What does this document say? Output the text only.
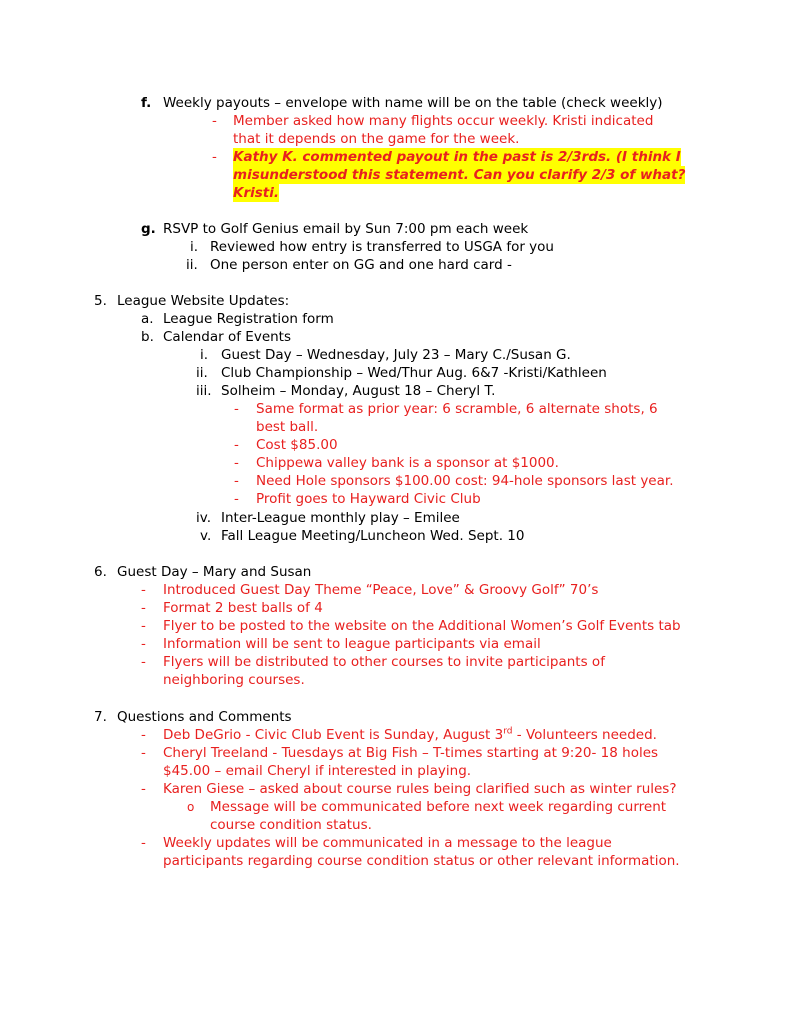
f. Weekly payouts – envelope with name will be on the table (check weekly)
- Member asked how many flights occur weekly. Kristi indicated
that it depends on the game for the week.
- Kathy K. commented payout in the past is 2/3rds. (I think I
misunderstood this statement. Can you clarify 2/3 of what?
Kristi.
g. RSVP to Golf Genius email by Sun 7:00 pm each week
i. Reviewed how entry is transferred to USGA for you
ii. One person enter on GG and one hard card -
5. League Website Updates:
a. League Registration form
b. Calendar of Events
i. Guest Day – Wednesday, July 23 – Mary C./Susan G.
ii. Club Championship – Wed/Thur Aug. 6&7 -Kristi/Kathleen
iii. Solheim – Monday, August 18 – Cheryl T.
- Same format as prior year: 6 scramble, 6 alternate shots, 6
best ball.
- Cost $85.00
- Chippewa valley bank is a sponsor at $1000.
- Need Hole sponsors $100.00 cost: 94-hole sponsors last year.
- Profit goes to Hayward Civic Club
iv. Inter-League monthly play – Emilee
v. Fall League Meeting/Luncheon Wed. Sept. 10
6. Guest Day – Mary and Susan
- Introduced Guest Day Theme “Peace, Love” & Groovy Golf” 70’s
- Format 2 best balls of 4
- Flyer to be posted to the website on the Additional Women’s Golf Events tab
- Information will be sent to league participants via email
- Flyers will be distributed to other courses to invite participants of
neighboring courses.
7. Questions and Comments
- Deb DeGrio - Civic Club Event is Sunday, August 3rd - Volunteers needed.
- Cheryl Treeland - Tuesdays at Big Fish – T-times starting at 9:20- 18 holes
$45.00 – email Cheryl if interested in playing.
- Karen Giese – asked about course rules being clarified such as winter rules?
o Message will be communicated before next week regarding current
course condition status.
- Weekly updates will be communicated in a message to the league
participants regarding course condition status or other relevant information.
